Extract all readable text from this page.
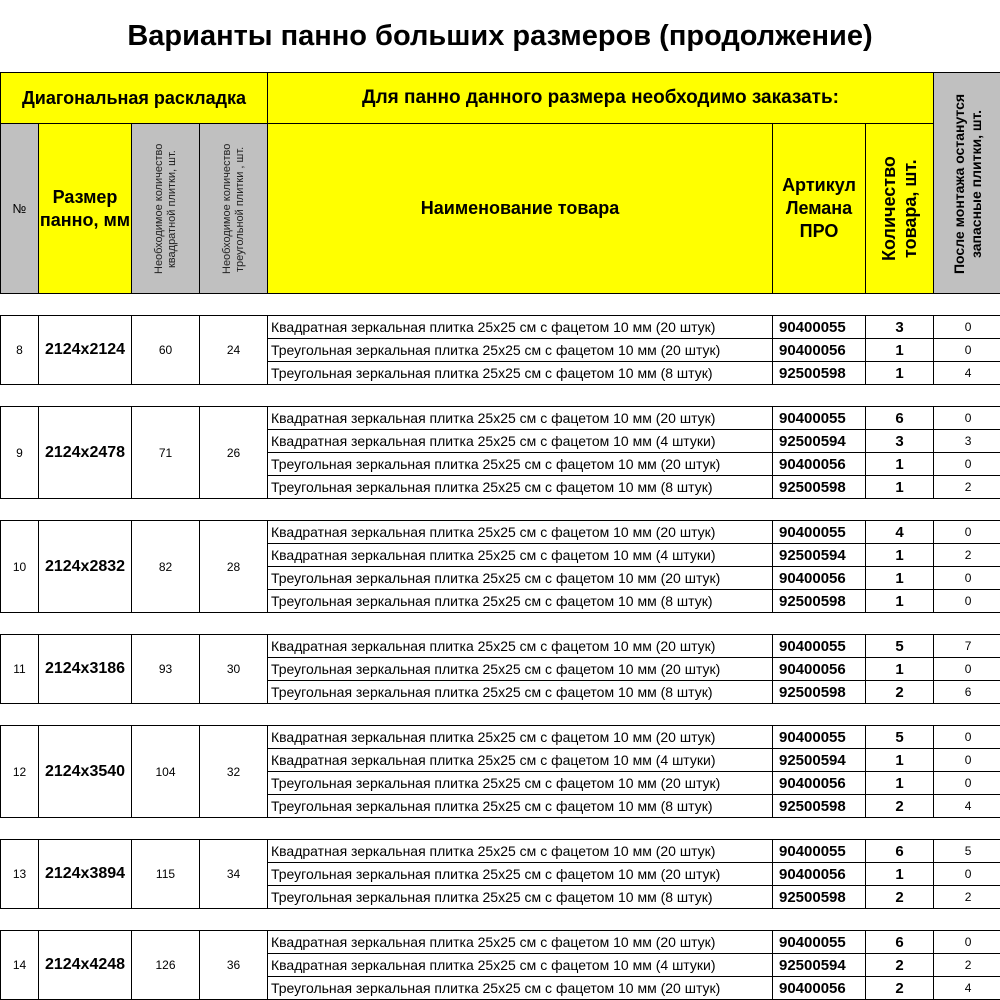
Варианты панно больших размеров (продолжение)
Диагональная раскладка				Для панно данного размера необходимо заказать:			После монтажа останутся запасные плитки, шт.

№	Размер панно, мм	Необходимое количество квадратной плитки, шт.	Необходимое количество треугольной плитки , шт.	Наименование товара	Артикул Лемана ПРО	Количество товара, шт.	

8	2124x2124	60	24	Квадратная зеркальная плитка 25x25 см с фацетом 10 мм (20 штук)	90400055	3	0
				Треугольная зеркальная плитка 25x25 см с фацетом 10 мм (20 штук)	90400056	1	0
				Треугольная зеркальная плитка 25x25 см с фацетом 10 мм (8 штук)	92500598	1	4

9	2124x2478	71	26	Квадратная зеркальная плитка 25x25 см с фацетом 10 мм (20 штук)	90400055	6	0
				Квадратная зеркальная плитка 25x25 см с фацетом 10 мм (4 штуки)	92500594	3	3
				Треугольная зеркальная плитка 25x25 см с фацетом 10 мм (20 штук)	90400056	1	0
				Треугольная зеркальная плитка 25x25 см с фацетом 10 мм (8 штук)	92500598	1	2

10	2124x2832	82	28	Квадратная зеркальная плитка 25x25 см с фацетом 10 мм (20 штук)	90400055	4	0
				Квадратная зеркальная плитка 25x25 см с фацетом 10 мм (4 штуки)	92500594	1	2
				Треугольная зеркальная плитка 25x25 см с фацетом 10 мм (20 штук)	90400056	1	0
				Треугольная зеркальная плитка 25x25 см с фацетом 10 мм (8 штук)	92500598	1	0

11	2124x3186	93	30	Квадратная зеркальная плитка 25x25 см с фацетом 10 мм (20 штук)	90400055	5	7
				Треугольная зеркальная плитка 25x25 см с фацетом 10 мм (20 штук)	90400056	1	0
				Треугольная зеркальная плитка 25x25 см с фацетом 10 мм (8 штук)	92500598	2	6

12	2124x3540	104	32	Квадратная зеркальная плитка 25x25 см с фацетом 10 мм (20 штук)	90400055	5	0
				Квадратная зеркальная плитка 25x25 см с фацетом 10 мм (4 штуки)	92500594	1	0
				Треугольная зеркальная плитка 25x25 см с фацетом 10 мм (20 штук)	90400056	1	0
				Треугольная зеркальная плитка 25x25 см с фацетом 10 мм (8 штук)	92500598	2	4

13	2124x3894	115	34	Квадратная зеркальная плитка 25x25 см с фацетом 10 мм (20 штук)	90400055	6	5
				Треугольная зеркальная плитка 25x25 см с фацетом 10 мм (20 штук)	90400056	1	0
				Треугольная зеркальная плитка 25x25 см с фацетом 10 мм (8 штук)	92500598	2	2

14	2124x4248	126	36	Квадратная зеркальная плитка 25x25 см с фацетом 10 мм (20 штук)	90400055	6	0
				Квадратная зеркальная плитка 25x25 см с фацетом 10 мм (4 штуки)	92500594	2	2
				Треугольная зеркальная плитка 25x25 см с фацетом 10 мм (20 штук)	90400056	2	4
